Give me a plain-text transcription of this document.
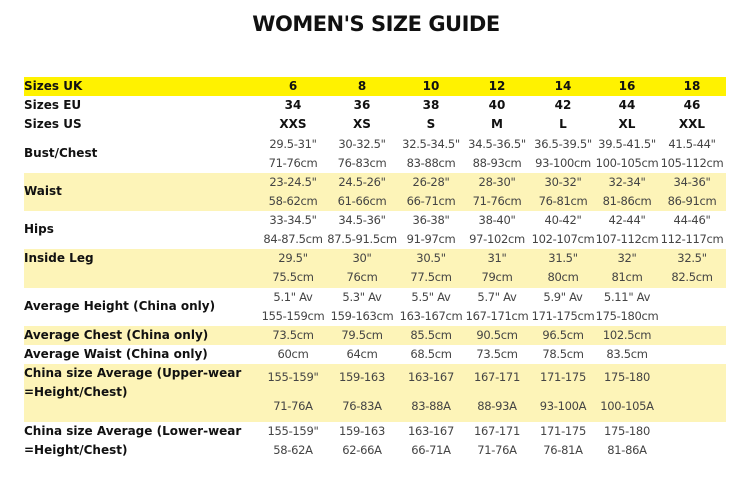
WOMEN'S SIZE GUIDE
Sizes UK	6	8	10	12	14	16	18
Sizes EU	34	36	38	40	42	44	46
Sizes US	XXS	XS	S	M	L	XL	XXL
Bust/Chest
29.5-31"	30-32.5"	32.5-34.5" 34.5-36.5" 36.5-39.5" 39.5-41.5"	41.5-44"
71-76cm	76-83cm	83-88cm	88-93cm	93-100cm 100-105cm 105-112cm
Waist
23-24.5"	24.5-26"	26-28"	28-30"	30-32"	32-34"	34-36"
58-62cm	61-66cm	66-71cm	71-76cm	76-81cm	81-86cm	86-91cm
Hips
33-34.5"	34.5-36"	36-38"	38-40"	40-42"	42-44"	44-46"
84-87.5cm 87.5-91.5cm 91-97cm	97-102cm 102-107cm 107-112cm 112-117cm
Inside Leg	29.5"	30"	30.5"	31"	31.5"	32"	32.5"
75.5cm	76cm	77.5cm	79cm	80cm	81cm	82.5cm
Average Height (China only)
5.1" Av	5.3" Av	5.5" Av	5.7" Av	5.9" Av	5.11" Av
155-159cm 159-163cm 163-167cm 167-171cm 171-175cm 175-180cm
Average Chest (China only)	73.5cm	79.5cm	85.5cm	90.5cm	96.5cm	102.5cm
Average Waist (China only)	60cm	64cm	68.5cm	73.5cm	78.5cm	83.5cm
China size Average (Upper-wear
=Height/Chest)
155-159"	159-163	163-167	167-171	171-175	175-180
71-76A	76-83A	83-88A	88-93A	93-100A	100-105A
China size Average (Lower-wear
=Height/Chest)
155-159"	159-163	163-167	167-171	171-175	175-180
58-62A	62-66A	66-71A	71-76A	76-81A	81-86A
